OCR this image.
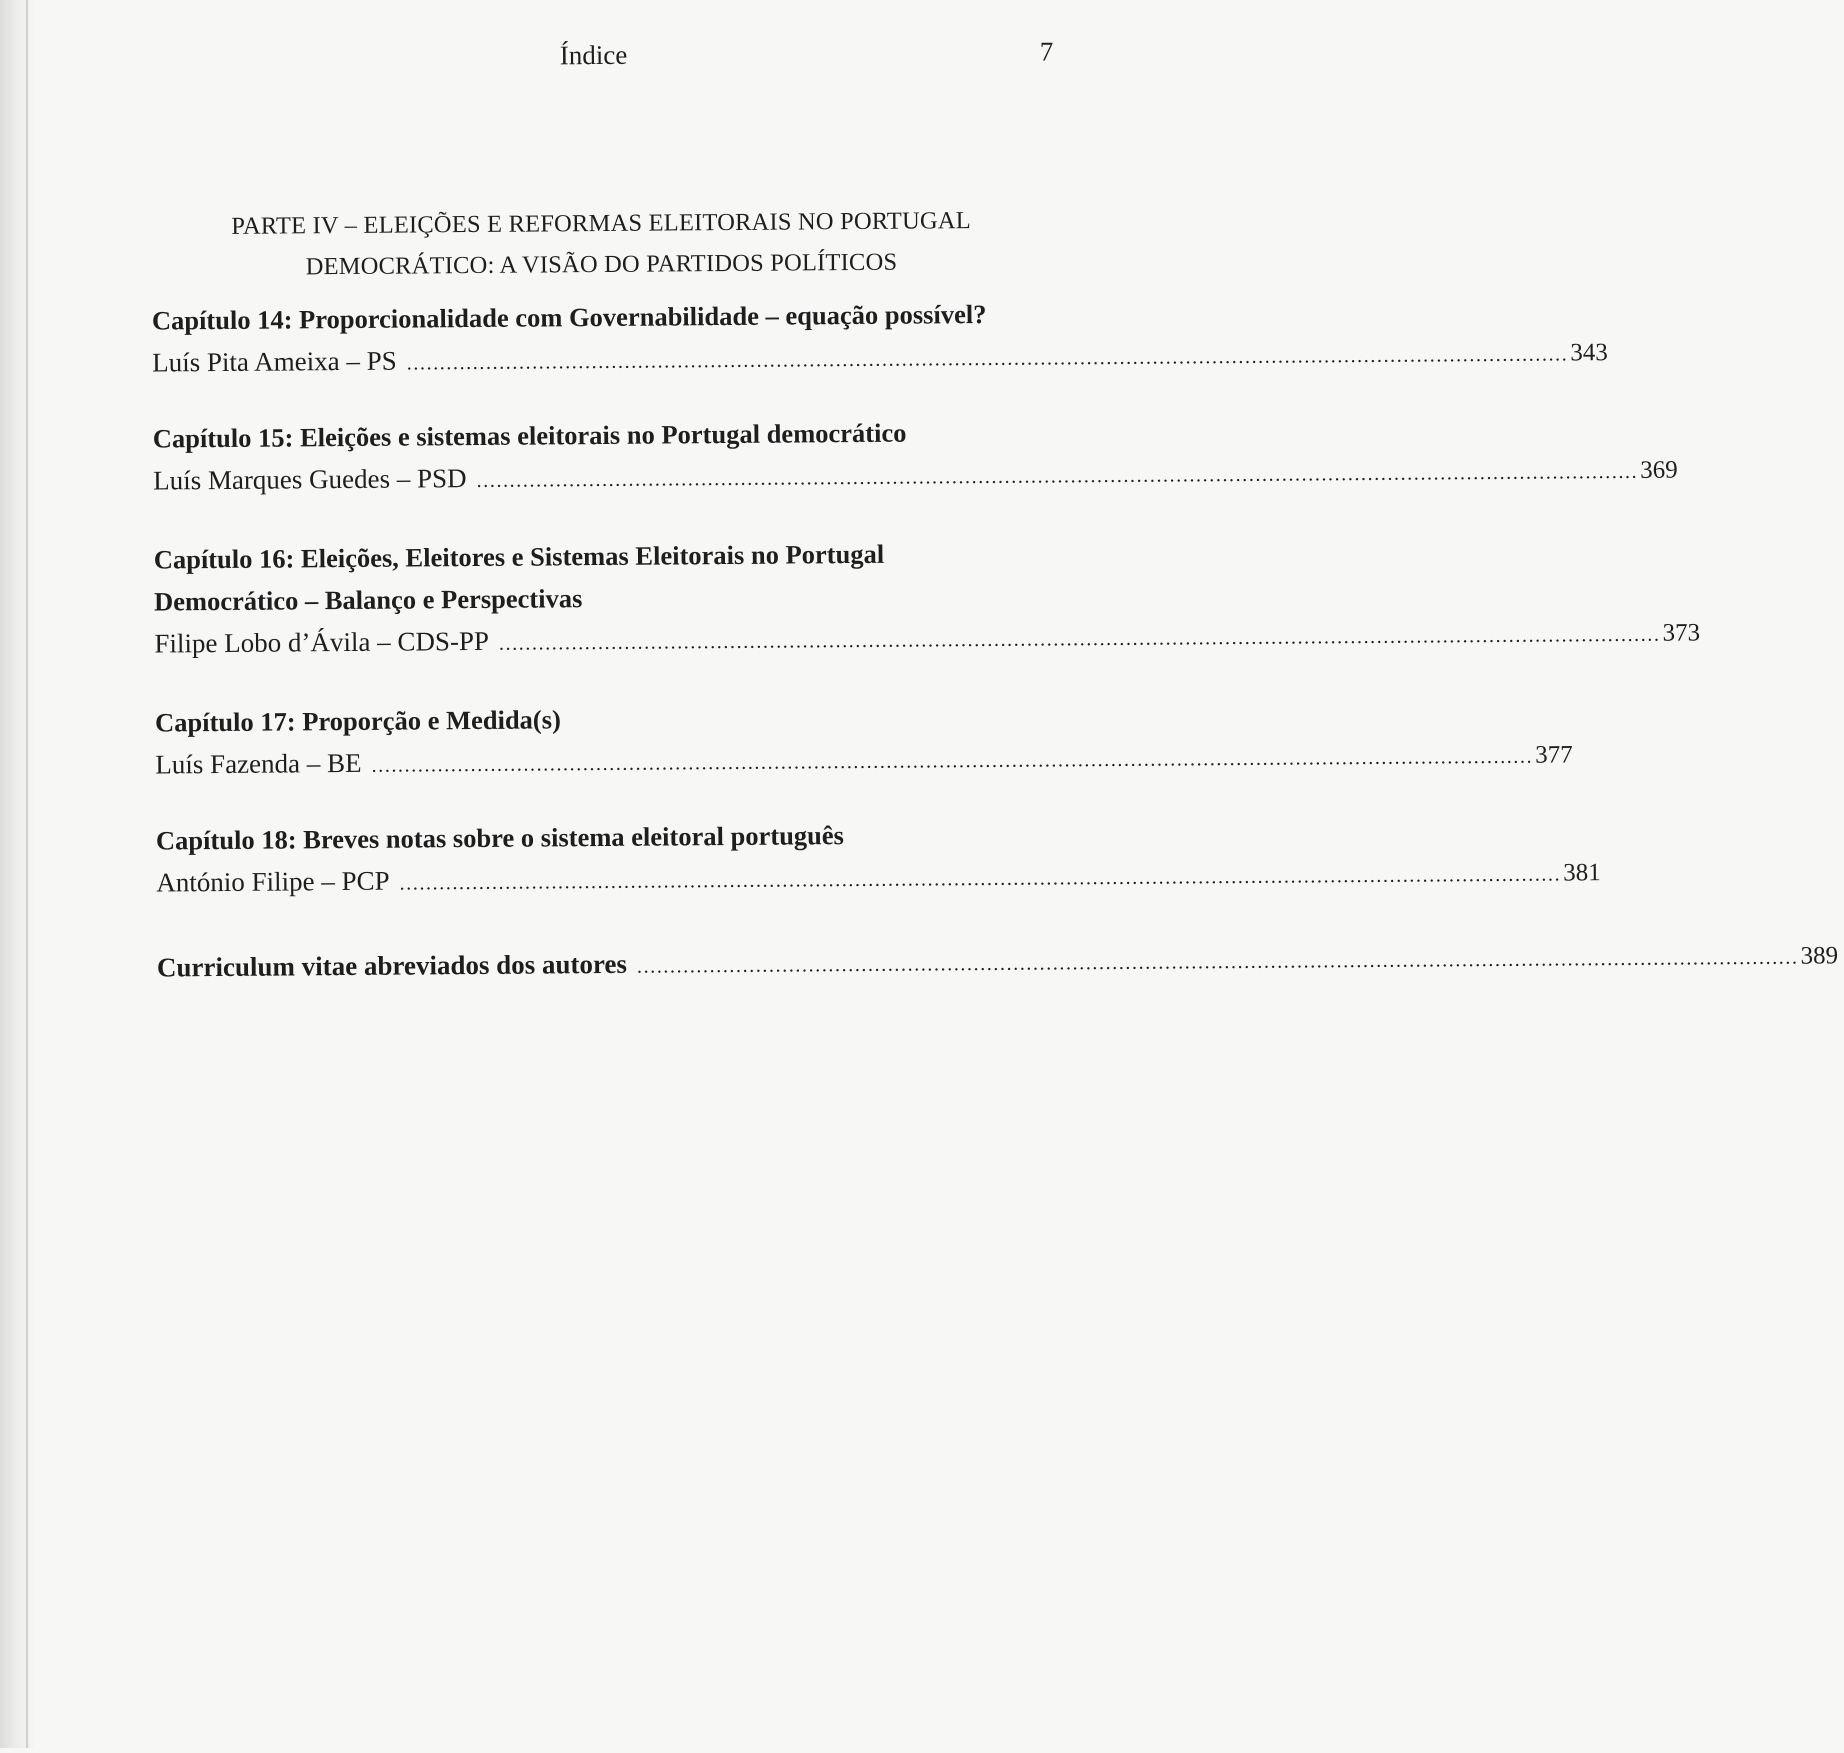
Índice	7
PARTE IV – ELEIÇÕES E REFORMAS ELEITORAIS NO PORTUGAL
DEMOCRÁTICO: A VISÃO DO PARTIDOS POLÍTICOS

Capítulo 14: Proporcionalidade com Governabilidade – equação possível?

Luís Pita Ameixa – PS ................................................................................................................................................................................ 343

Capítulo 15: Eleições e sistemas eleitorais no Portugal democrático

Luís Marques Guedes – PSD ................................................................................................................................................................................ 369

Capítulo 16: Eleições, Eleitores e Sistemas Eleitorais no Portugal

Democrático – Balanço e Perspectivas

Filipe Lobo d’Ávila – CDS-PP ................................................................................................................................................................................ 373

Capítulo 17: Proporção e Medida(s)

Luís Fazenda – BE ................................................................................................................................................................................ 377

Capítulo 18: Breves notas sobre o sistema eleitoral português

António Filipe – PCP ................................................................................................................................................................................ 381
Curriculum vitae abreviados dos autores ................................................................................................................................................................................ 389
